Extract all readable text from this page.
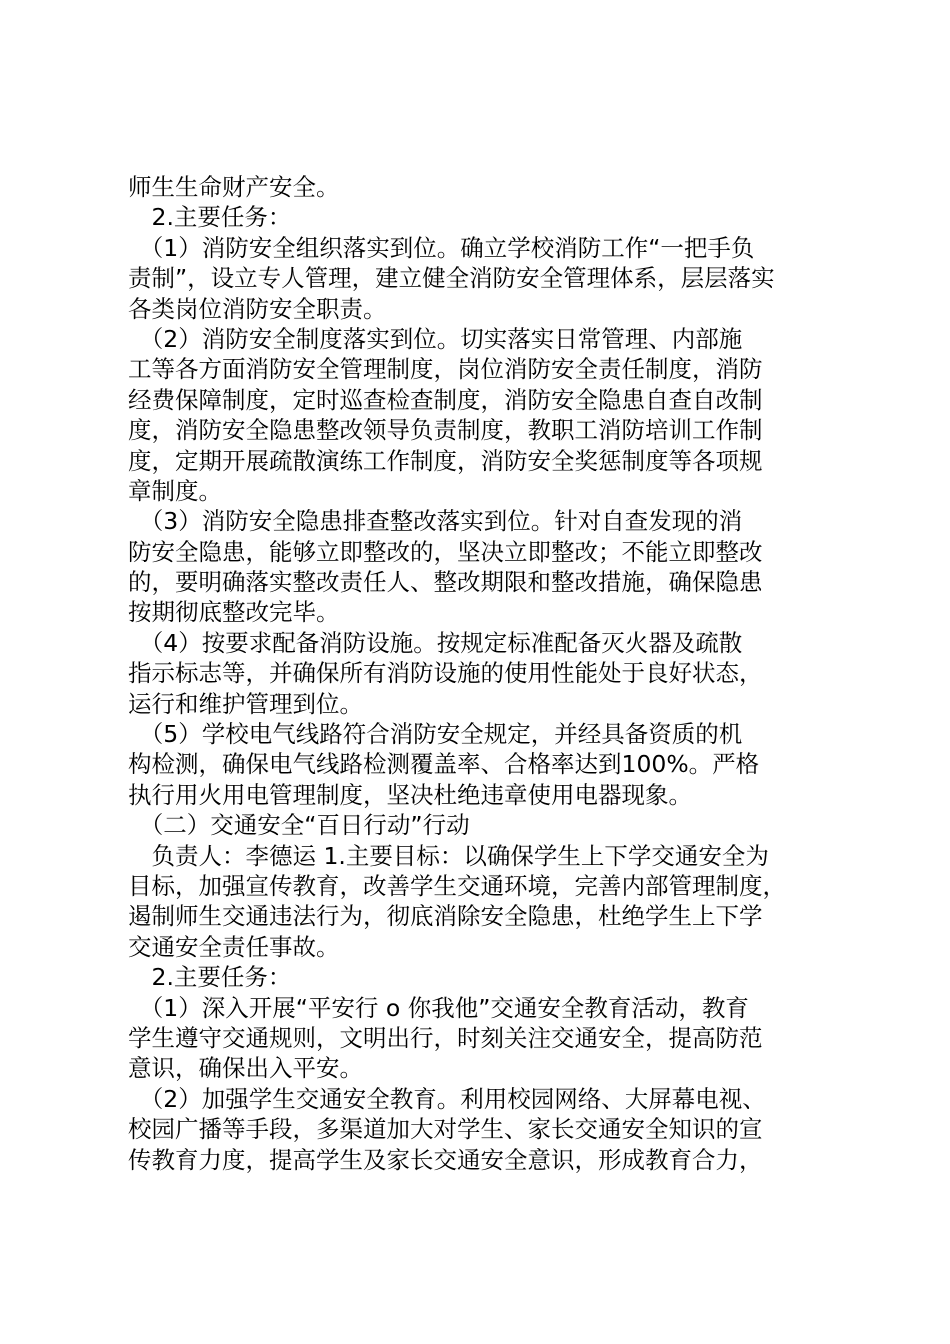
师生生命财产安全。
　2.主要任务：
　（1）消防安全组织落实到位。确立学校消防工作“一把手负
责制”，设立专人管理，建立健全消防安全管理体系，层层落实
各类岗位消防安全职责。
　（2）消防安全制度落实到位。切实落实日常管理、内部施
工等各方面消防安全管理制度，岗位消防安全责任制度，消防
经费保障制度，定时巡查检查制度，消防安全隐患自查自改制
度，消防安全隐患整改领导负责制度，教职工消防培训工作制
度，定期开展疏散演练工作制度，消防安全奖惩制度等各项规
章制度。
　（3）消防安全隐患排查整改落实到位。针对自查发现的消
防安全隐患，能够立即整改的，坚决立即整改；不能立即整改
的，要明确落实整改责任人、整改期限和整改措施，确保隐患
按期彻底整改完毕。
　（4）按要求配备消防设施。按规定标准配备灭火器及疏散
指示标志等，并确保所有消防设施的使用性能处于良好状态，
运行和维护管理到位。
　（5）学校电气线路符合消防安全规定，并经具备资质的机
构检测，确保电气线路检测覆盖率、合格率达到100%。严格
执行用火用电管理制度，坚决杜绝违章使用电器现象。
　（二）交通安全“百日行动”行动
　负责人：李德运 1.主要目标：以确保学生上下学交通安全为
目标，加强宣传教育，改善学生交通环境，完善内部管理制度，
遏制师生交通违法行为，彻底消除安全隐患，杜绝学生上下学
交通安全责任事故。
　2.主要任务：
　（1）深入开展“平安行 o 你我他”交通安全教育活动，教育
学生遵守交通规则，文明出行，时刻关注交通安全，提高防范
意识，确保出入平安。
　（2）加强学生交通安全教育。利用校园网络、大屏幕电视、
校园广播等手段，多渠道加大对学生、家长交通安全知识的宣
传教育力度，提高学生及家长交通安全意识，形成教育合力，
